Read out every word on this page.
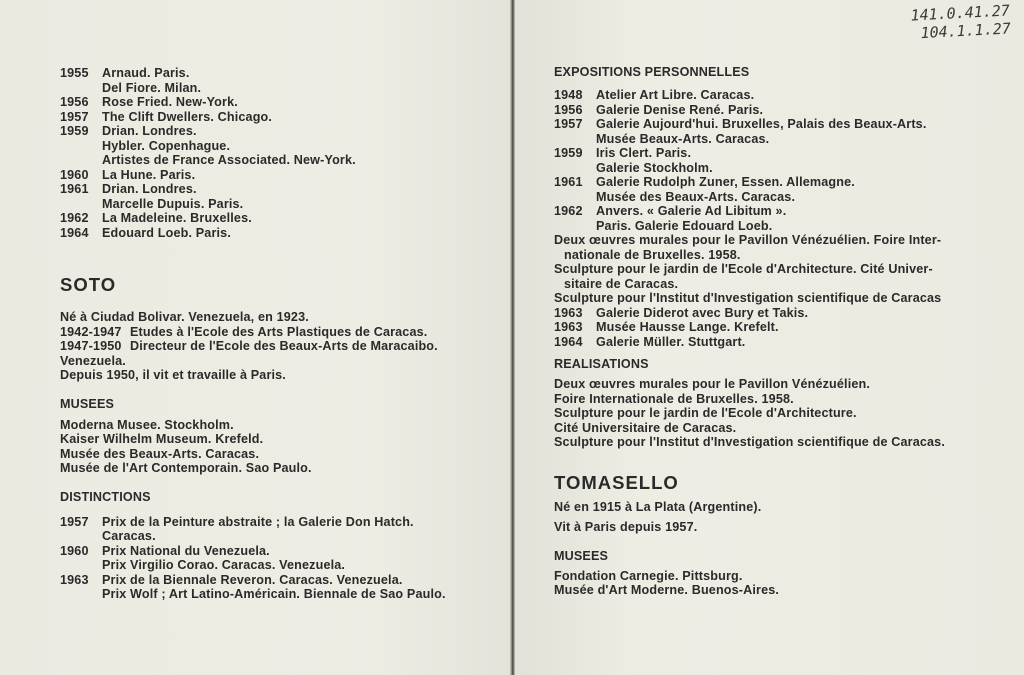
141.0.41.27
104.1.1.27
1955	Arnaud. Paris.
Del Fiore. Milan.
1956	Rose Fried. New-York.
1957	The Clift Dwellers. Chicago.
1959	Drian. Londres.
Hybler. Copenhague.
Artistes de France Associated. New-York.
1960	La Hune. Paris.
1961	Drian. Londres.
Marcelle Dupuis. Paris.
1962	La Madeleine. Bruxelles.
1964	Edouard Loeb. Paris.
SOTO
Né à Ciudad Bolivar. Venezuela, en 1923.
1942-1947 Etudes à l'Ecole des Arts Plastiques de Caracas.
1947-1950 Directeur de l'Ecole des Beaux-Arts de Maracaibo.
Venezuela.
Depuis 1950, il vit et travaille à Paris.
MUSEES
Moderna Musee. Stockholm.
Kaiser Wilhelm Museum. Krefeld.
Musée des Beaux-Arts. Caracas.
Musée de l'Art Contemporain. Sao Paulo.
DISTINCTIONS
1957	Prix de la Peinture abstraite ; la Galerie Don Hatch.
Caracas.
1960	Prix National du Venezuela.
Prix Virgilio Corao. Caracas. Venezuela.
1963	Prix de la Biennale Reveron. Caracas. Venezuela.
Prix Wolf ; Art Latino-Américain. Biennale de Sao Paulo.
EXPOSITIONS PERSONNELLES
1948	Atelier Art Libre. Caracas.
1956	Galerie Denise René. Paris.
1957	Galerie Aujourd'hui. Bruxelles, Palais des Beaux-Arts.
Musée Beaux-Arts. Caracas.
1959	Iris Clert. Paris.
Galerie Stockholm.
1961	Galerie Rudolph Zuner, Essen. Allemagne.
Musée des Beaux-Arts. Caracas.
1962	Anvers. « Galerie Ad Libitum ».
Paris. Galerie Edouard Loeb.
Deux œuvres murales pour le Pavillon Vénézuélien. Foire Inter-
nationale de Bruxelles. 1958.
Sculpture pour le jardin de l'Ecole d'Architecture. Cité Univer-
sitaire de Caracas.
Sculpture pour l'Institut d'Investigation scientifique de Caracas
1963	Galerie Diderot avec Bury et Takis.
1963	Musée Hausse Lange. Krefelt.
1964	Galerie Müller. Stuttgart.
REALISATIONS
Deux œuvres murales pour le Pavillon Vénézuélien.
Foire Internationale de Bruxelles. 1958.
Sculpture pour le jardin de l'Ecole d'Architecture.
Cité Universitaire de Caracas.
Sculpture pour l'Institut d'Investigation scientifique de Caracas.
TOMASELLO
Né en 1915 à La Plata (Argentine).
Vit à Paris depuis 1957.
MUSEES
Fondation Carnegie. Pittsburg.
Musée d'Art Moderne. Buenos-Aires.
